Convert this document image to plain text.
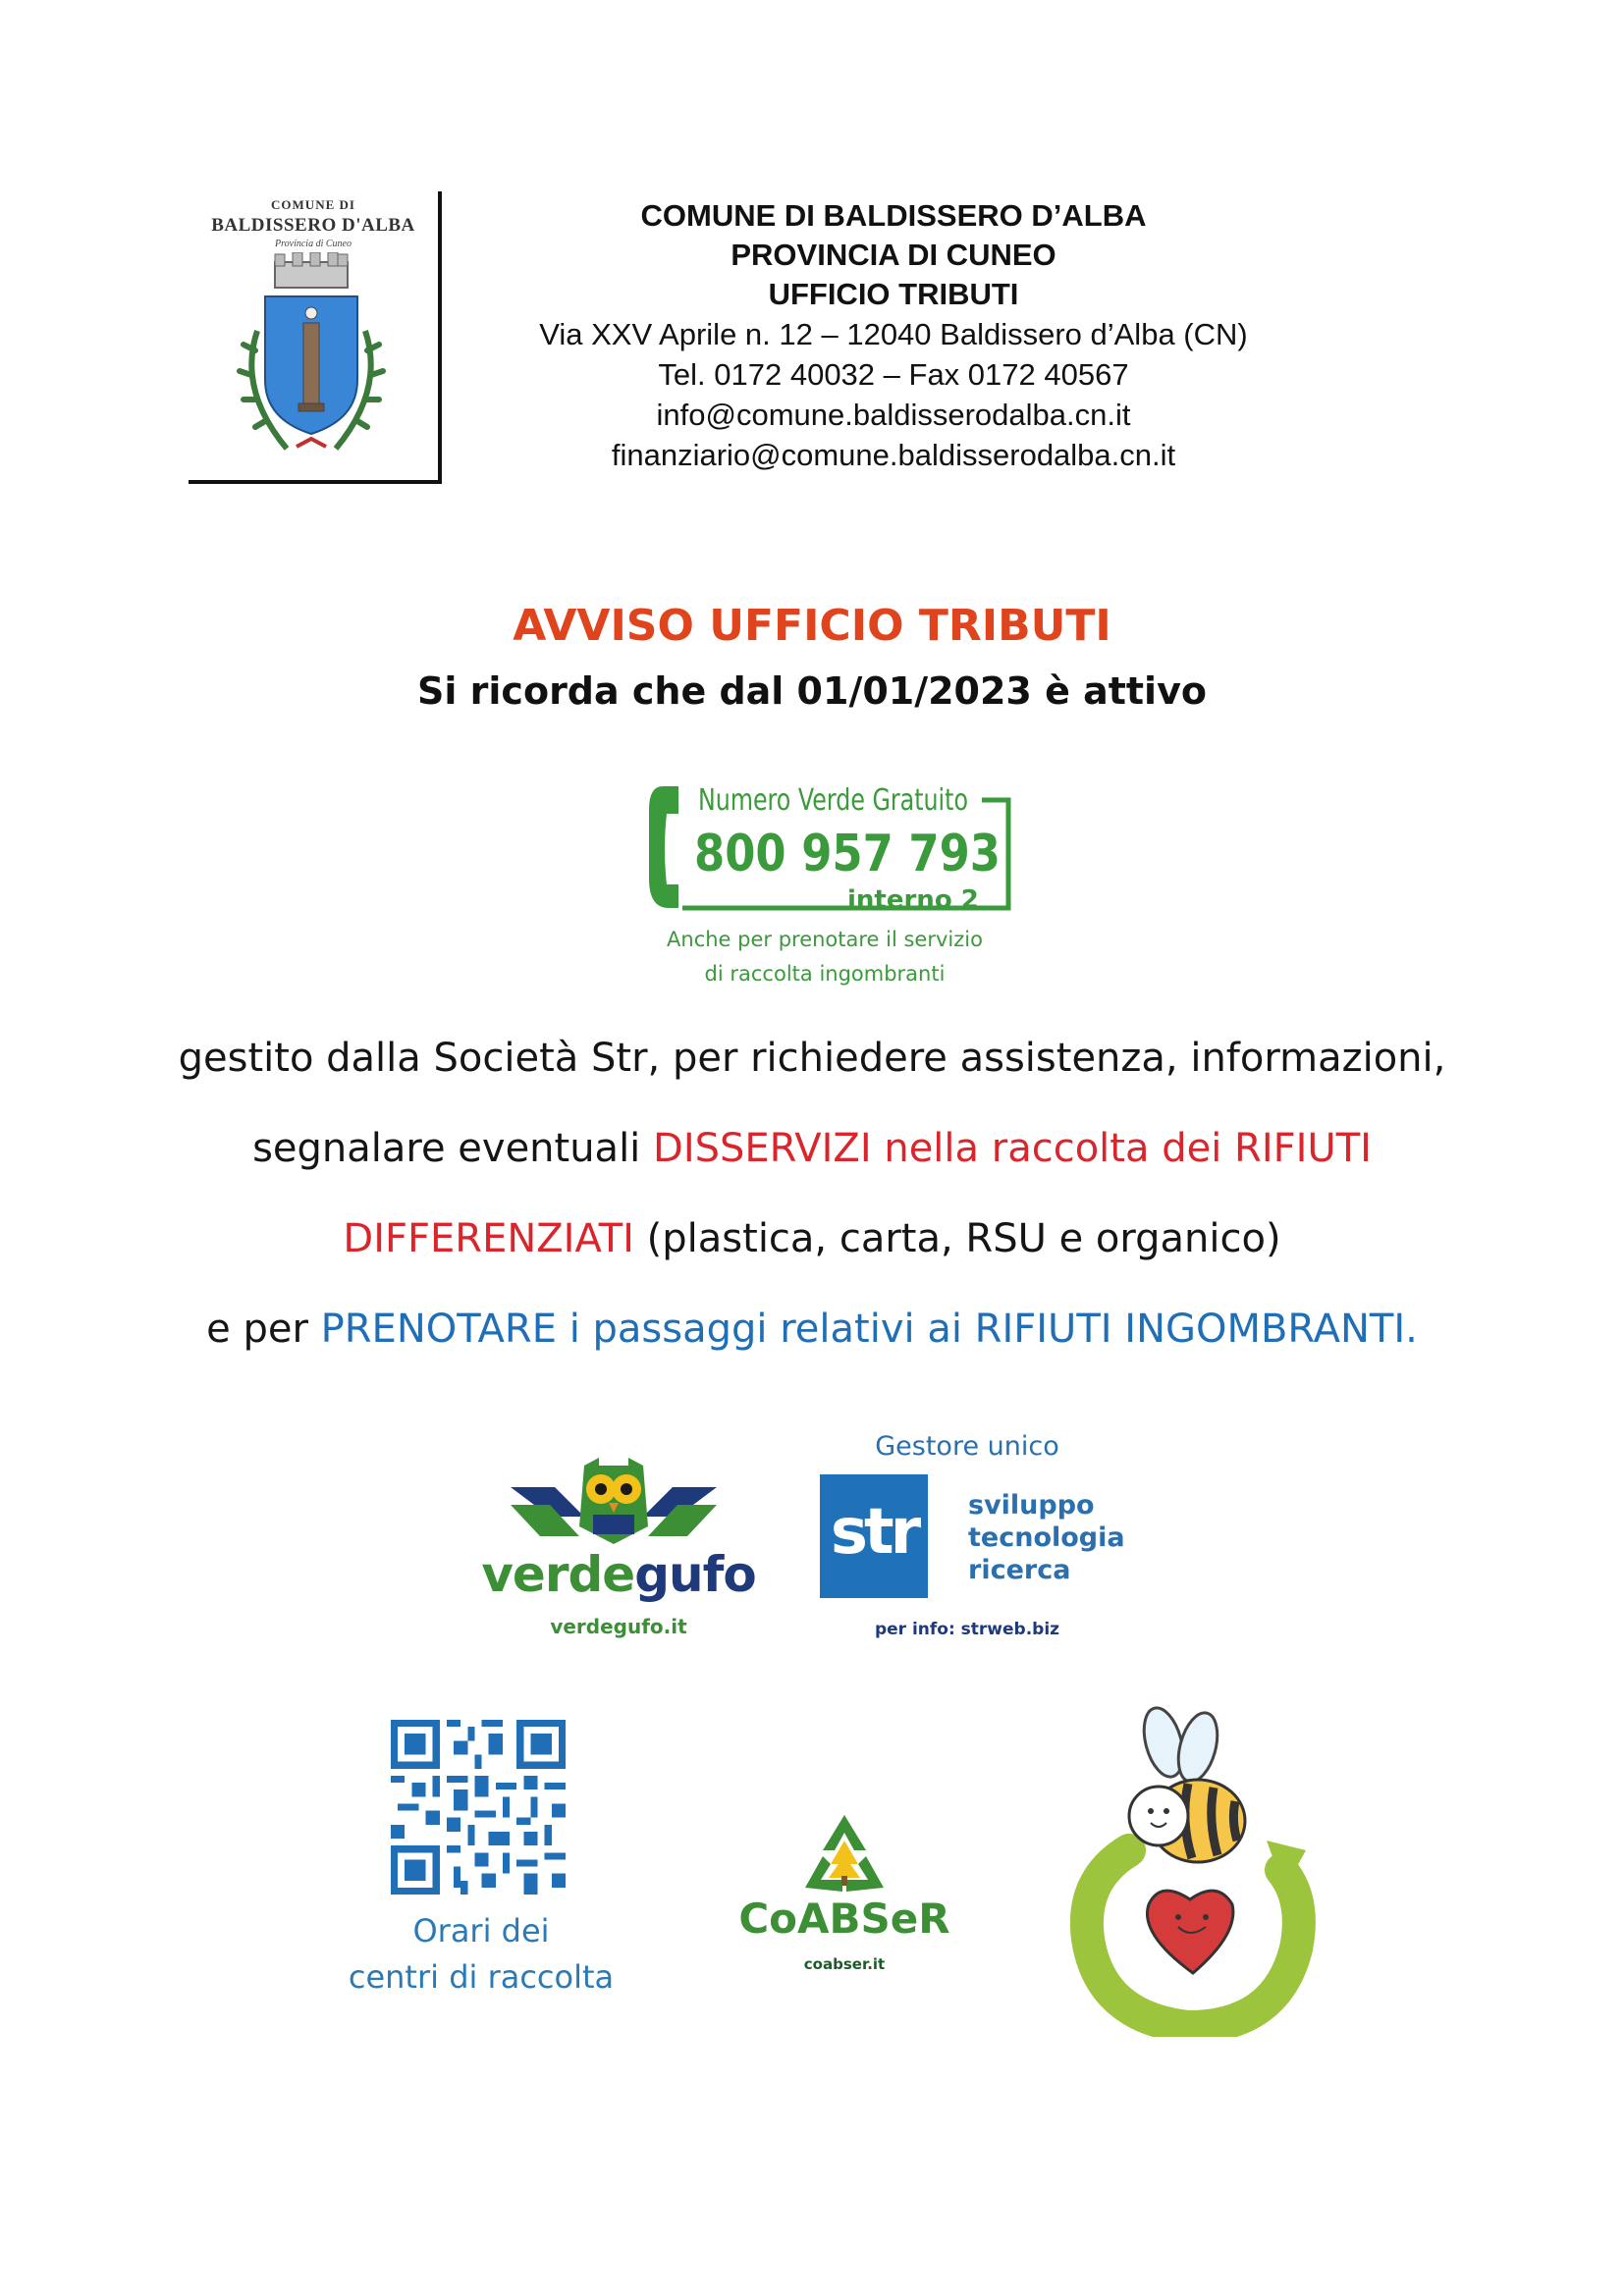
COMUNE DI
BALDISSERO D'ALBA
Provincia di Cuneo
COMUNE DI BALDISSERO D’ALBA
PROVINCIA DI CUNEO
UFFICIO TRIBUTI
Via XXV Aprile n. 12 – 12040 Baldissero d’Alba (CN)
Tel. 0172 40032 – Fax 0172 40567
info@comune.baldisserodalba.cn.it
finanziario@comune.baldisserodalba.cn.it
AVVISO UFFICIO TRIBUTI
Si ricorda che dal 01/01/2023 è attivo
Numero Verde Gratuito
800 957 793
interno 2
Anche per prenotare il servizio
di raccolta ingombranti
gestito dalla Società Str, per richiedere assistenza, informazioni,
segnalare eventuali DISSERVIZI nella raccolta dei RIFIUTI
DIFFERENZIATI (plastica, carta, RSU e organico)
e per PRENOTARE i passaggi relativi ai RIFIUTI INGOMBRANTI.
verdegufo
verdegufo.it
Gestore unico
str	sviluppo
tecnologia
ricerca
per info: strweb.biz
Orari dei
centri di raccolta
CoABSeR
coabser.it
